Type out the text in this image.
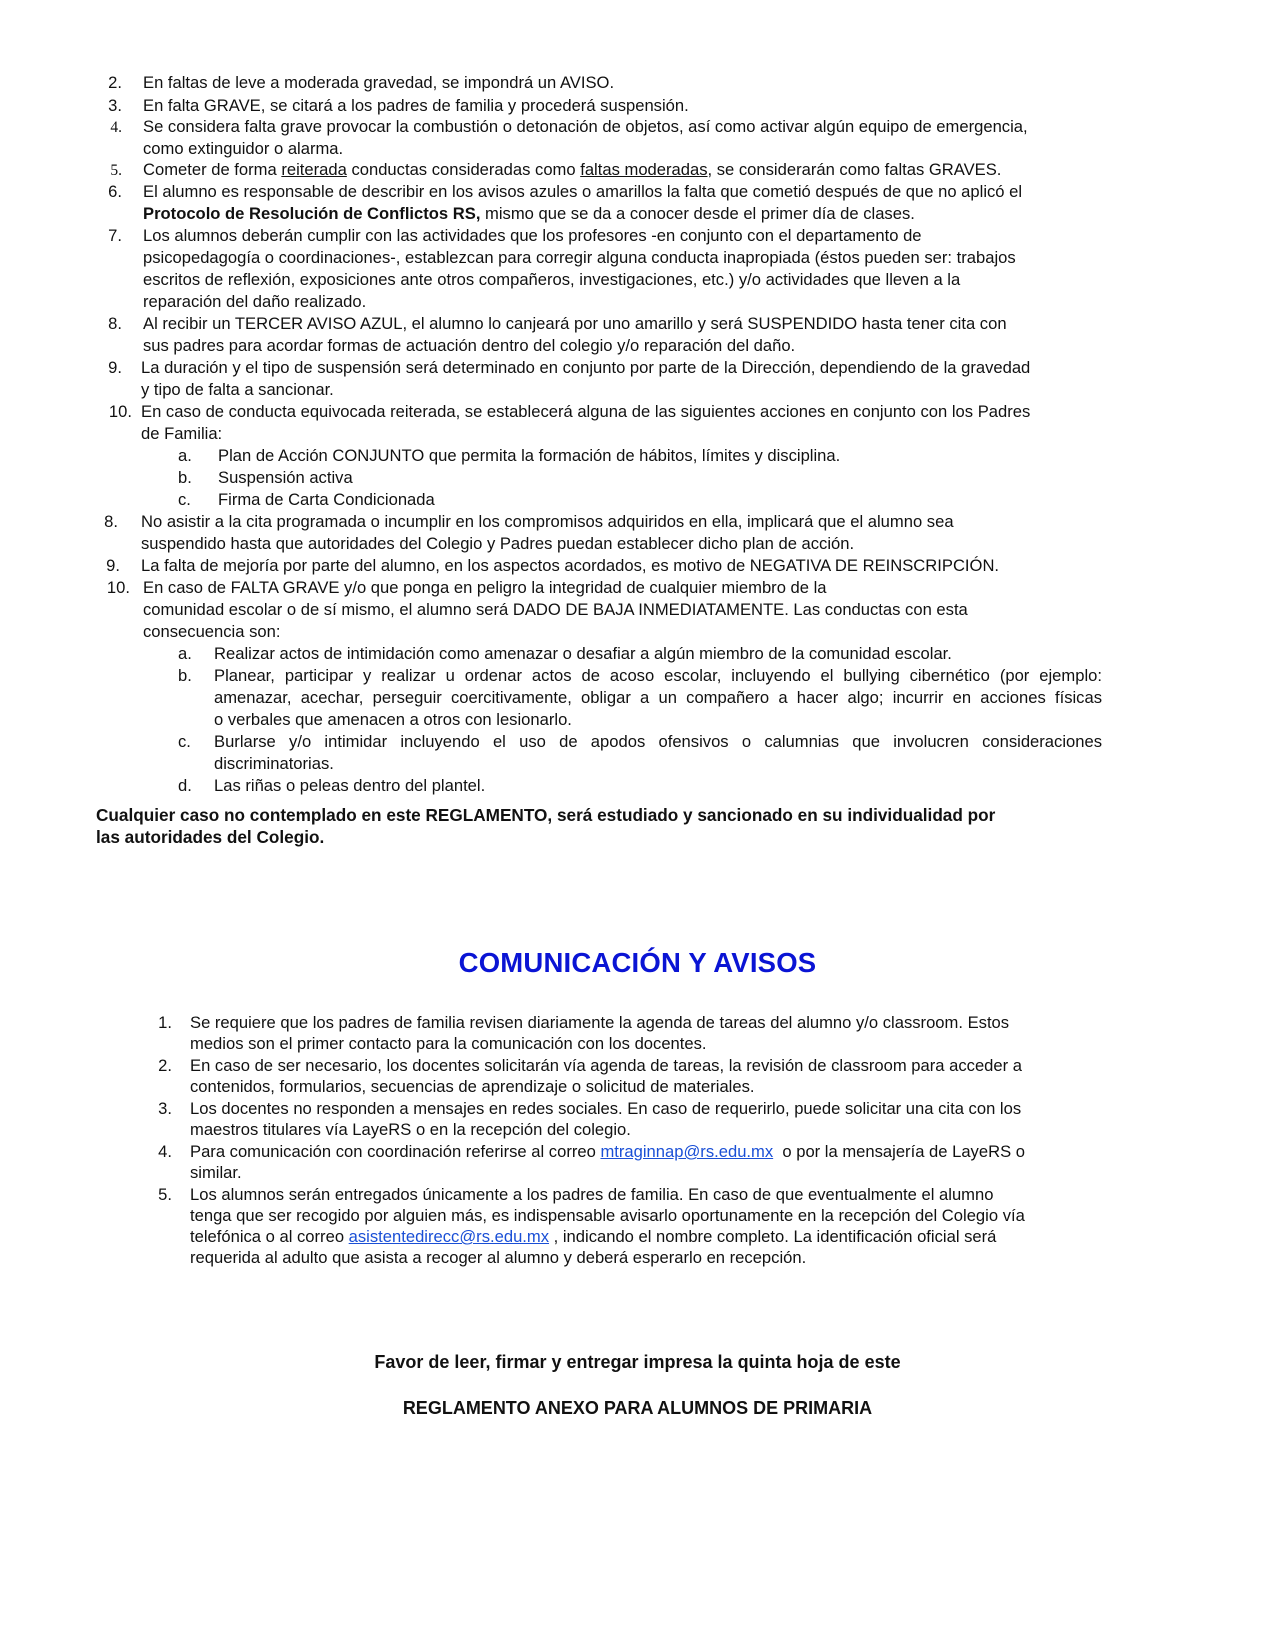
2. En faltas de leve a moderada gravedad, se impondrá un AVISO.
3. En falta GRAVE, se citará a los padres de familia y procederá suspensión.
4. Se considera falta grave provocar la combustión o detonación de objetos, así como activar algún equipo de emergencia,
como extinguidor o alarma.
5. Cometer de forma reiterada conductas consideradas como faltas moderadas, se considerarán como faltas GRAVES.
6. El alumno es responsable de describir en los avisos azules o amarillos la falta que cometió después de que no aplicó el
Protocolo de Resolución de Conflictos RS, mismo que se da a conocer desde el primer día de clases.
7. Los alumnos deberán cumplir con las actividades que los profesores -en conjunto con el departamento de
psicopedagogía o coordinaciones-, establezcan para corregir alguna conducta inapropiada (éstos pueden ser: trabajos
escritos de reflexión, exposiciones ante otros compañeros, investigaciones, etc.) y/o actividades que lleven a la
reparación del daño realizado.
8. Al recibir un TERCER AVISO AZUL, el alumno lo canjeará por uno amarillo y será SUSPENDIDO hasta tener cita con
sus padres para acordar formas de actuación dentro del colegio y/o reparación del daño.
9. La duración y el tipo de suspensión será determinado en conjunto por parte de la Dirección, dependiendo de la gravedad
y tipo de falta a sancionar.
10. En caso de conducta equivocada reiterada, se establecerá alguna de las siguientes acciones en conjunto con los Padres
de Familia:
a. Plan de Acción CONJUNTO que permita la formación de hábitos, límites y disciplina.
b. Suspensión activa
c. Firma de Carta Condicionada
8. No asistir a la cita programada o incumplir en los compromisos adquiridos en ella, implicará que el alumno sea
suspendido hasta que autoridades del Colegio y Padres puedan establecer dicho plan de acción.
9. La falta de mejoría por parte del alumno, en los aspectos acordados, es motivo de NEGATIVA DE REINSCRIPCIÓN.
10. En caso de FALTA GRAVE y/o que ponga en peligro la integridad de cualquier miembro de la
comunidad escolar o de sí mismo, el alumno será DADO DE BAJA INMEDIATAMENTE. Las conductas con esta
consecuencia son:
a. Realizar actos de intimidación como amenazar o desafiar a algún miembro de la comunidad escolar.
b. Planear, participar y realizar u ordenar actos de acoso escolar, incluyendo el bullying cibernético (por ejemplo:
amenazar, acechar, perseguir coercitivamente, obligar a un compañero a hacer algo; incurrir en acciones físicas
o verbales que amenacen a otros con lesionarlo.
c. Burlarse y/o intimidar incluyendo el uso de apodos ofensivos o calumnias que involucren consideraciones
discriminatorias.
d. Las riñas o peleas dentro del plantel.
Cualquier caso no contemplado en este REGLAMENTO, será estudiado y sancionado en su individualidad por
las autoridades del Colegio.
COMUNICACIÓN Y AVISOS
1. Se requiere que los padres de familia revisen diariamente la agenda de tareas del alumno y/o classroom. Estos
medios son el primer contacto para la comunicación con los docentes.
2. En caso de ser necesario, los docentes solicitarán vía agenda de tareas, la revisión de classroom para acceder a
contenidos, formularios, secuencias de aprendizaje o solicitud de materiales.
3. Los docentes no responden a mensajes en redes sociales. En caso de requerirlo, puede solicitar una cita con los
maestros titulares vía LayeRS o en la recepción del colegio.
4. Para comunicación con coordinación referirse al correo mtraginnap@rs.edu.mx  o por la mensajería de LayeRS o
similar.
5. Los alumnos serán entregados únicamente a los padres de familia. En caso de que eventualmente el alumno
tenga que ser recogido por alguien más, es indispensable avisarlo oportunamente en la recepción del Colegio vía
telefónica o al correo asistentedirecc@rs.edu.mx , indicando el nombre completo. La identificación oficial será
requerida al adulto que asista a recoger al alumno y deberá esperarlo en recepción.
Favor de leer, firmar y entregar impresa la quinta hoja de este
REGLAMENTO ANEXO PARA ALUMNOS DE PRIMARIA
